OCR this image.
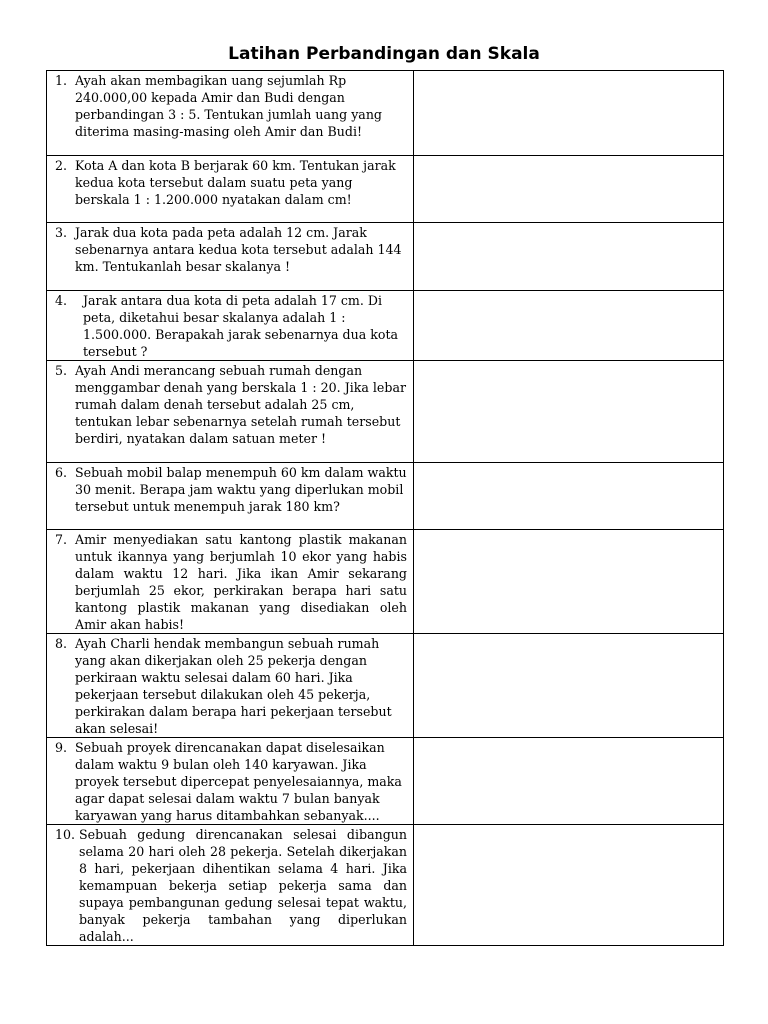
Latihan Perbandingan dan Skala
1. Ayah akan membagikan uang sejumlah Rp 240.000,00 kepada Amir dan Budi dengan perbandingan 3 : 5. Tentukan jumlah uang yang diterima masing-masing oleh Amir dan Budi!	

2. Kota A dan kota B berjarak 60 km. Tentukan jarak kedua kota tersebut dalam suatu peta yang berskala 1 : 1.200.000 nyatakan dalam cm!	

3. Jarak dua kota pada peta adalah 12 cm. Jarak sebenarnya antara kedua kota tersebut adalah 144 km. Tentukanlah besar skalanya !	

4. Jarak antara dua kota di peta adalah 17 cm. Di peta, diketahui besar skalanya adalah 1 : 1.500.000. Berapakah jarak sebenarnya dua kota tersebut ?	

5. Ayah Andi merancang sebuah rumah dengan menggambar denah yang berskala 1 : 20. Jika lebar rumah dalam denah tersebut adalah 25 cm, tentukan lebar sebenarnya setelah rumah tersebut berdiri, nyatakan dalam satuan meter !	

6. Sebuah mobil balap menempuh 60 km dalam waktu 30 menit. Berapa jam waktu yang diperlukan mobil tersebut untuk menempuh jarak 180 km?	

7. Amir menyediakan satu kantong plastik makanan untuk ikannya yang berjumlah 10 ekor yang habis dalam waktu 12 hari. Jika ikan Amir sekarang berjumlah 25 ekor, perkirakan berapa hari satu kantong plastik makanan yang disediakan oleh Amir akan habis!	

8. Ayah Charli hendak membangun sebuah rumah yang akan dikerjakan oleh 25 pekerja dengan perkiraan waktu selesai dalam 60 hari. Jika pekerjaan tersebut dilakukan oleh 45 pekerja, perkirakan dalam berapa hari pekerjaan tersebut akan selesai!	

9. Sebuah proyek direncanakan dapat diselesaikan dalam waktu 9 bulan oleh 140 karyawan. Jika proyek tersebut dipercepat penyelesaiannya, maka agar dapat selesai dalam waktu 7 bulan banyak karyawan yang harus ditambahkan sebanyak....	

10. Sebuah gedung direncanakan selesai dibangun selama 20 hari oleh 28 pekerja. Setelah dikerjakan 8 hari, pekerjaan dihentikan selama 4 hari. Jika kemampuan bekerja setiap pekerja sama dan supaya pembangunan gedung selesai tepat waktu, banyak pekerja tambahan yang diperlukan adalah...	
